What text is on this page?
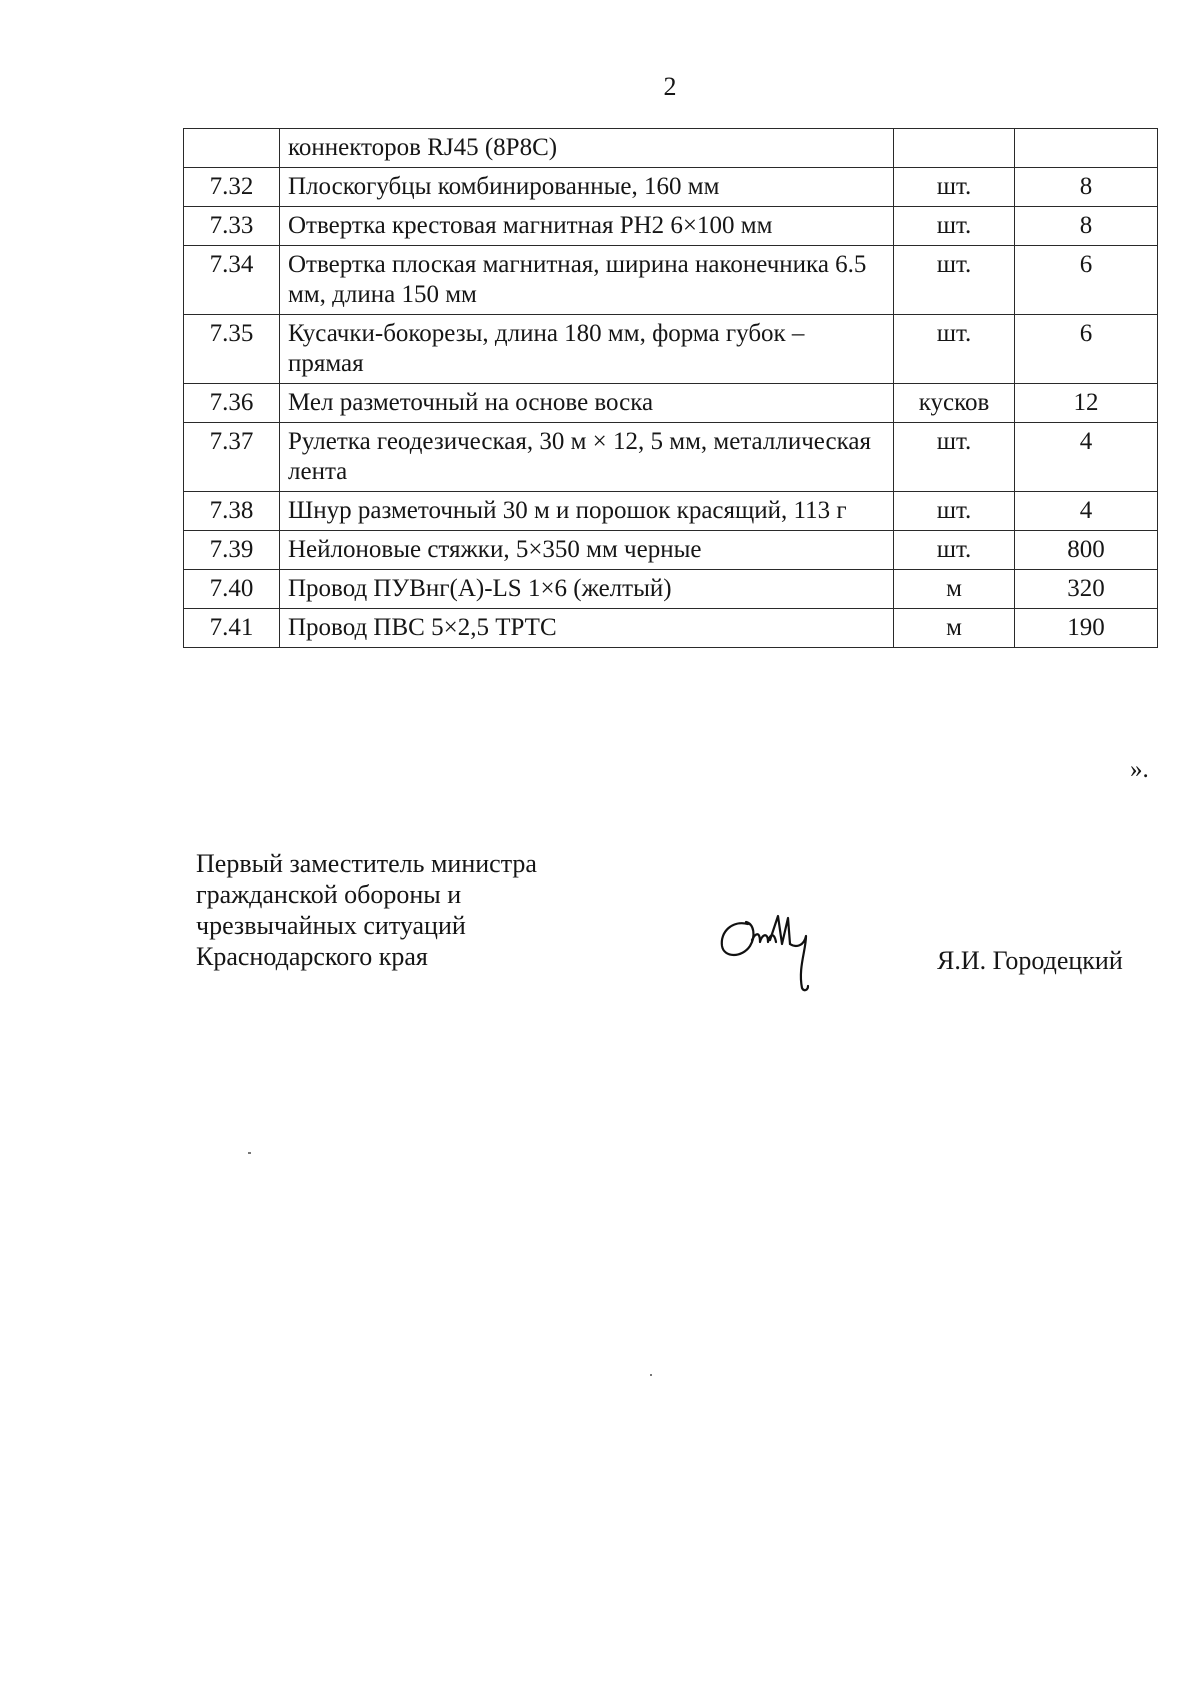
2
	коннекторов RJ45 (8P8C)		
7.32	Плоскогубцы комбинированные, 160 мм	шт.	8
7.33	Отвертка крестовая магнитная PH2 6×100 мм	шт.	8
7.34	Отвертка плоская магнитная, ширина наконечника 6.5 мм, длина 150 мм	шт.	6
7.35	Кусачки-бокорезы, длина 180 мм, форма губок – прямая	шт.	6
7.36	Мел разметочный на основе воска	кусков	12
7.37	Рулетка геодезическая, 30 м × 12, 5 мм, металлическая лента	шт.	4
7.38	Шнур разметочный 30 м и порошок красящий, 113 г	шт.	4
7.39	Нейлоновые стяжки, 5×350 мм черные	шт.	800
7.40	Провод ПУВнг(А)-LS 1×6 (желтый)	м	320
7.41	Провод ПВС 5×2,5 ТРТС	м	190
».
Первый заместитель министра
гражданской обороны и
чрезвычайных ситуаций
Краснодарского края	Я.И. Городецкий
